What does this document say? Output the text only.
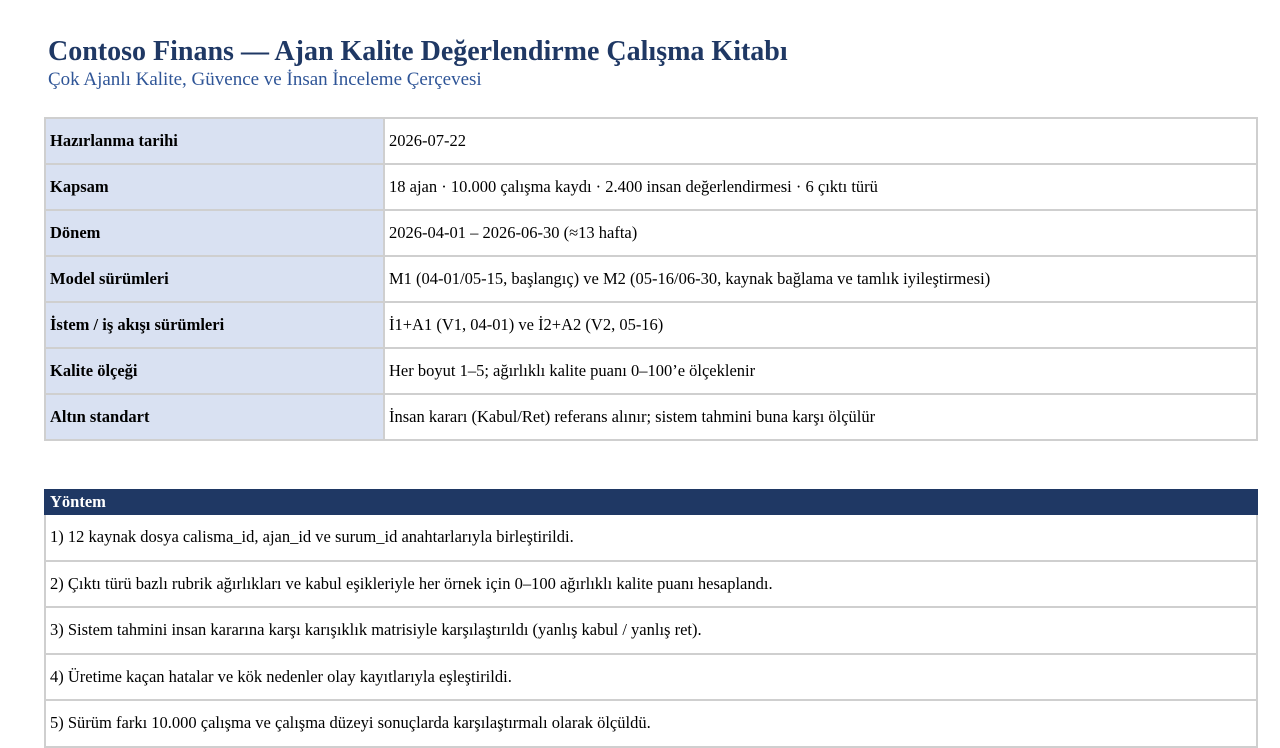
Contoso Finans — Ajan Kalite Değerlendirme Çalışma Kitabı
Çok Ajanlı Kalite, Güvence ve İnsan İnceleme Çerçevesi
Hazırlanma tarihi	2026-07-22
Kapsam	18 ajan · 10.000 çalışma kaydı · 2.400 insan değerlendirmesi · 6 çıktı türü
Dönem	2026-04-01 – 2026-06-30 (≈13 hafta)
Model sürümleri	M1 (04-01/05-15, başlangıç) ve M2 (05-16/06-30, kaynak bağlama ve tamlık iyileştirmesi)
İstem / iş akışı sürümleri	İ1+A1 (V1, 04-01) ve İ2+A2 (V2, 05-16)
Kalite ölçeği	Her boyut 1–5; ağırlıklı kalite puanı 0–100’e ölçeklenir
Altın standart	İnsan kararı (Kabul/Ret) referans alınır; sistem tahmini buna karşı ölçülür
Yöntem
1) 12 kaynak dosya calisma_id, ajan_id ve surum_id anahtarlarıyla birleştirildi.
2) Çıktı türü bazlı rubrik ağırlıkları ve kabul eşikleriyle her örnek için 0–100 ağırlıklı kalite puanı hesaplandı.
3) Sistem tahmini insan kararına karşı karışıklık matrisiyle karşılaştırıldı (yanlış kabul / yanlış ret).
4) Üretime kaçan hatalar ve kök nedenler olay kayıtlarıyla eşleştirildi.
5) Sürüm farkı 10.000 çalışma ve çalışma düzeyi sonuçlarda karşılaştırmalı olarak ölçüldü.
